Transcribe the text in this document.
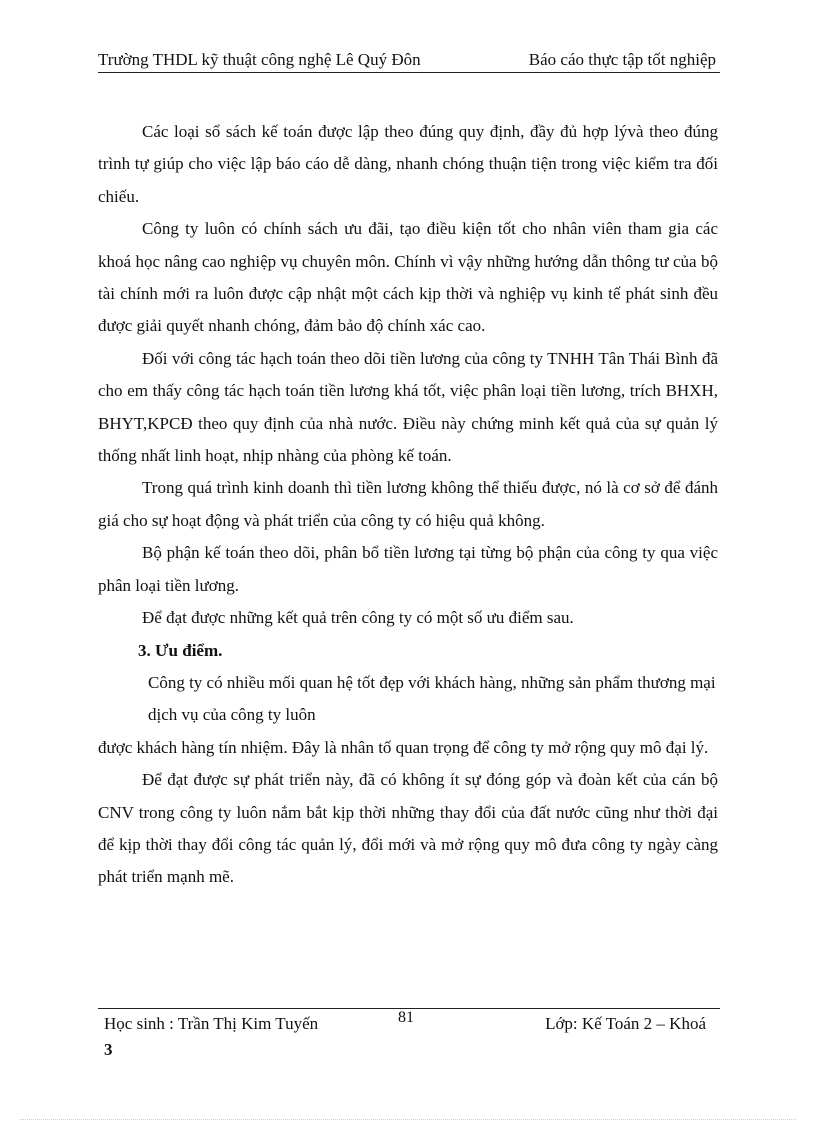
Trường THDL kỹ thuật công nghệ Lê Quý Đôn	Báo cáo thực tập tốt nghiệp

Các loại sổ sách kế toán được lập theo đúng quy định, đầy đủ hợp lývà theo đúng trình tự giúp cho việc lập báo cáo dễ dàng, nhanh chóng thuận tiện trong việc kiểm tra đối chiếu.

Công ty luôn có chính sách ưu đãi, tạo điều kiện tốt cho nhân viên tham gia các khoá học nâng cao nghiệp vụ chuyên môn. Chính vì vậy những hướng dẫn thông tư của bộ tài chính mới ra luôn được cập nhật một cách kịp thời và nghiệp vụ kinh tế phát sinh đều được giải quyết nhanh chóng, đảm bảo độ chính xác cao.

Đối với công tác hạch toán theo dõi tiền lương của công ty TNHH Tân Thái Bình đã cho em thấy công tác hạch toán tiền lương khá tốt, việc phân loại tiền lương, trích BHXH, BHYT,KPCĐ theo quy định của nhà nước. Điều này chứng minh kết quả của sự quản lý thống nhất linh hoạt, nhịp nhàng của phòng kế toán.

Trong quá trình kinh doanh thì tiền lương không thể thiếu được, nó là cơ sở để đánh giá cho sự hoạt động và phát triển của công ty có hiệu quả không.

Bộ phận kế toán theo dõi, phân bổ tiền lương tại từng bộ phận của công ty qua việc phân loại tiền lương.

Để đạt được những kết quả trên công ty có một số ưu điểm sau.

3. Ưu điểm.

Công ty có nhiều mối quan hệ tốt đẹp với khách hàng, những sản phẩm thương mại dịch vụ của công ty luôn

được khách hàng tín nhiệm. Đây là nhân tố quan trọng để công ty mở rộng quy mô đại lý.

Để đạt được sự phát triển này, đã có không ít sự đóng góp và đoàn kết của cán bộ CNV trong công ty luôn nắm bắt kịp thời những thay đổi của đất nước cũng như thời đại để kịp thời thay đổi công tác quản lý, đổi mới và mở rộng quy mô đưa công ty ngày càng phát triển mạnh mẽ.

Học sinh : Trần Thị Kim Tuyến	81	Lớp: Kế Toán 2 – Khoá
3
